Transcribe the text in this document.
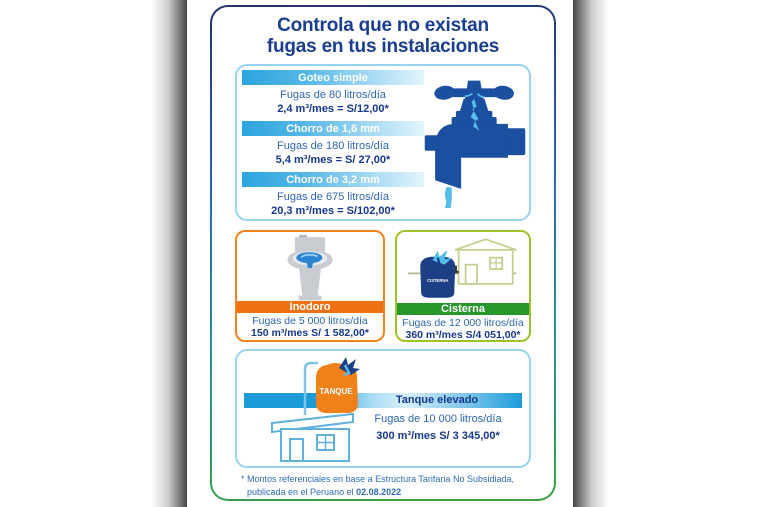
Controla que no existan
fugas en tus instalaciones
Goteo simple
Fugas de 80 litros/día
2,4 m³/mes = S/12,00*
Chorro de 1,6 mm
Fugas de 180 litros/día
5,4 m³/mes = S/ 27,00*
Chorro de 3,2 mm
Fugas de 675 litros/día
20,3 m³/mes = S/102,00*
Inodoro
Fugas de 5 000 litros/día
150 m³/mes S/ 1 582,00*
CISTERNA
Cisterna
Fugas de 12 000 litros/día
360 m³/mes S/4 051,00*
Tanque elevado
Fugas de 10 000 litros/día
300 m³/mes S/ 3 345,00*
TANQUE
* Montos referenciales en base a Estructura Tarifaria No Subsidiada,
publicada en el Peruano el 02.08.2022
